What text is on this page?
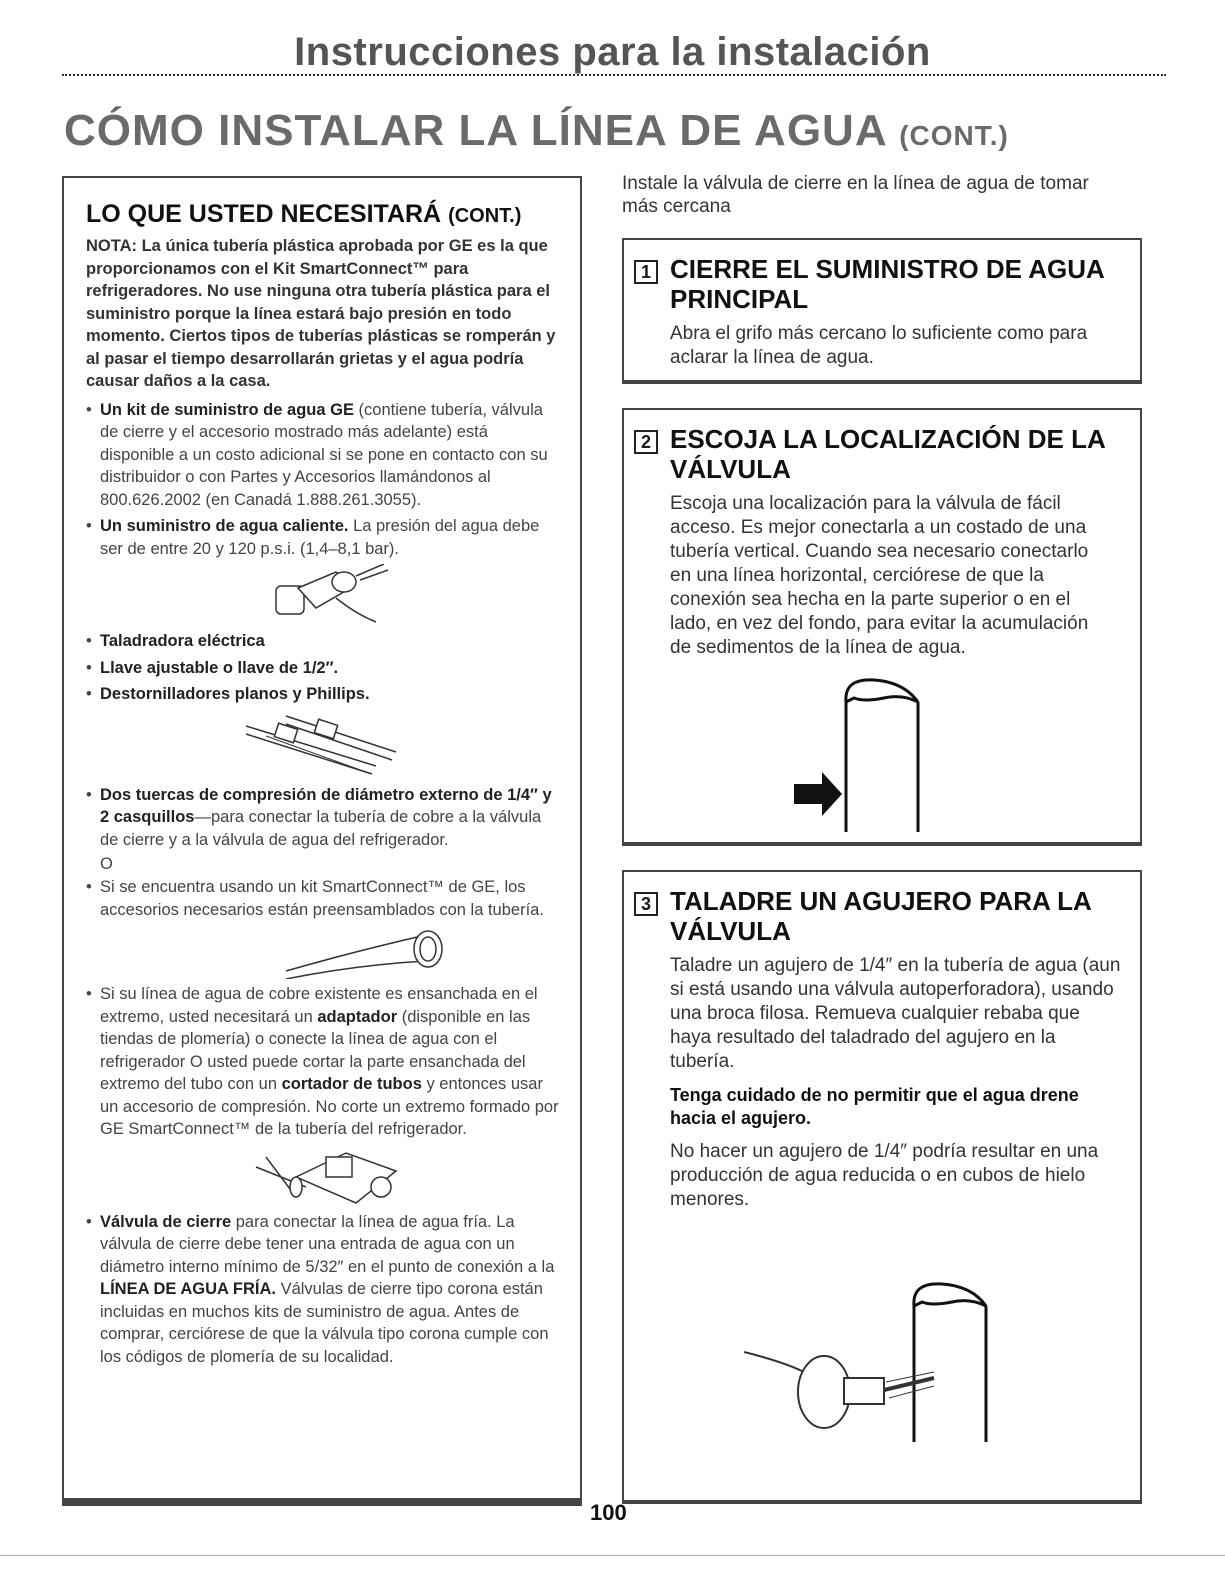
Instrucciones para la instalación
CÓMO INSTALAR LA LÍNEA DE AGUA (CONT.)
LO QUE USTED NECESITARÁ (CONT.)

NOTA: La única tubería plástica aprobada por GE es la que proporcionamos con el Kit SmartConnect™ para refrigeradores. No use ninguna otra tubería plástica para el suministro porque la línea estará bajo presión en todo momento. Ciertos tipos de tuberías plásticas se romperán y al pasar el tiempo desarrollarán grietas y el agua podría causar daños a la casa.

• Un kit de suministro de agua GE (contiene tubería, válvula de cierre y el accesorio mostrado más adelante) está disponible a un costo adicional si se pone en contacto con su distribuidor o con Partes y Accesorios llamándonos al 800.626.2002 (en Canadá 1.888.261.3055).

• Un suministro de agua caliente. La presión del agua debe ser de entre 20 y 120 p.s.i. (1,4–8,1 bar).

• Taladradora eléctrica

• Llave ajustable o llave de 1/2″.

• Destornilladores planos y Phillips.

• Dos tuercas de compresión de diámetro externo de 1/4″ y 2 casquillos—para conectar la tubería de cobre a la válvula de cierre y a la válvula de agua del refrigerador.

O

• Si se encuentra usando un kit SmartConnect™ de GE, los accesorios necesarios están preensamblados con la tubería.

• Si su línea de agua de cobre existente es ensanchada en el extremo, usted necesitará un adaptador (disponible en las tiendas de plomería) o conecte la línea de agua con el refrigerador O usted puede cortar la parte ensanchada del extremo del tubo con un cortador de tubos y entonces usar un accesorio de compresión. No corte un extremo formado por GE SmartConnect™ de la tubería del refrigerador.

• Válvula de cierre para conectar la línea de agua fría. La válvula de cierre debe tener una entrada de agua con un diámetro interno mínimo de 5/32″ en el punto de conexión a la LÍNEA DE AGUA FRÍA. Válvulas de cierre tipo corona están incluidas en muchos kits de suministro de agua. Antes de comprar, cerciórese de que la válvula tipo corona cumple con los códigos de plomería de su localidad.

Instale la válvula de cierre en la línea de agua de tomar más cercana
1 CIERRE EL SUMINISTRO DE AGUA PRINCIPAL
Abra el grifo más cercano lo suficiente como para aclarar la línea de agua.
2 ESCOJA LA LOCALIZACIÓN DE LA VÁLVULA
Escoja una localización para la válvula de fácil acceso. Es mejor conectarla a un costado de una tubería vertical. Cuando sea necesario conectarlo en una línea horizontal, cerciórese de que la conexión sea hecha en la parte superior o en el lado, en vez del fondo, para evitar la acumulación de sedimentos de la línea de agua.
3 TALADRE UN AGUJERO PARA LA VÁLVULA

Taladre un agujero de 1/4″ en la tubería de agua (aun si está usando una válvula autoperforadora), usando una broca filosa. Remueva cualquier rebaba que haya resultado del taladrado del agujero en la tubería.

Tenga cuidado de no permitir que el agua drene hacia el agujero.

No hacer un agujero de 1/4″ podría resultar en una producción de agua reducida o en cubos de hielo menores.

100
